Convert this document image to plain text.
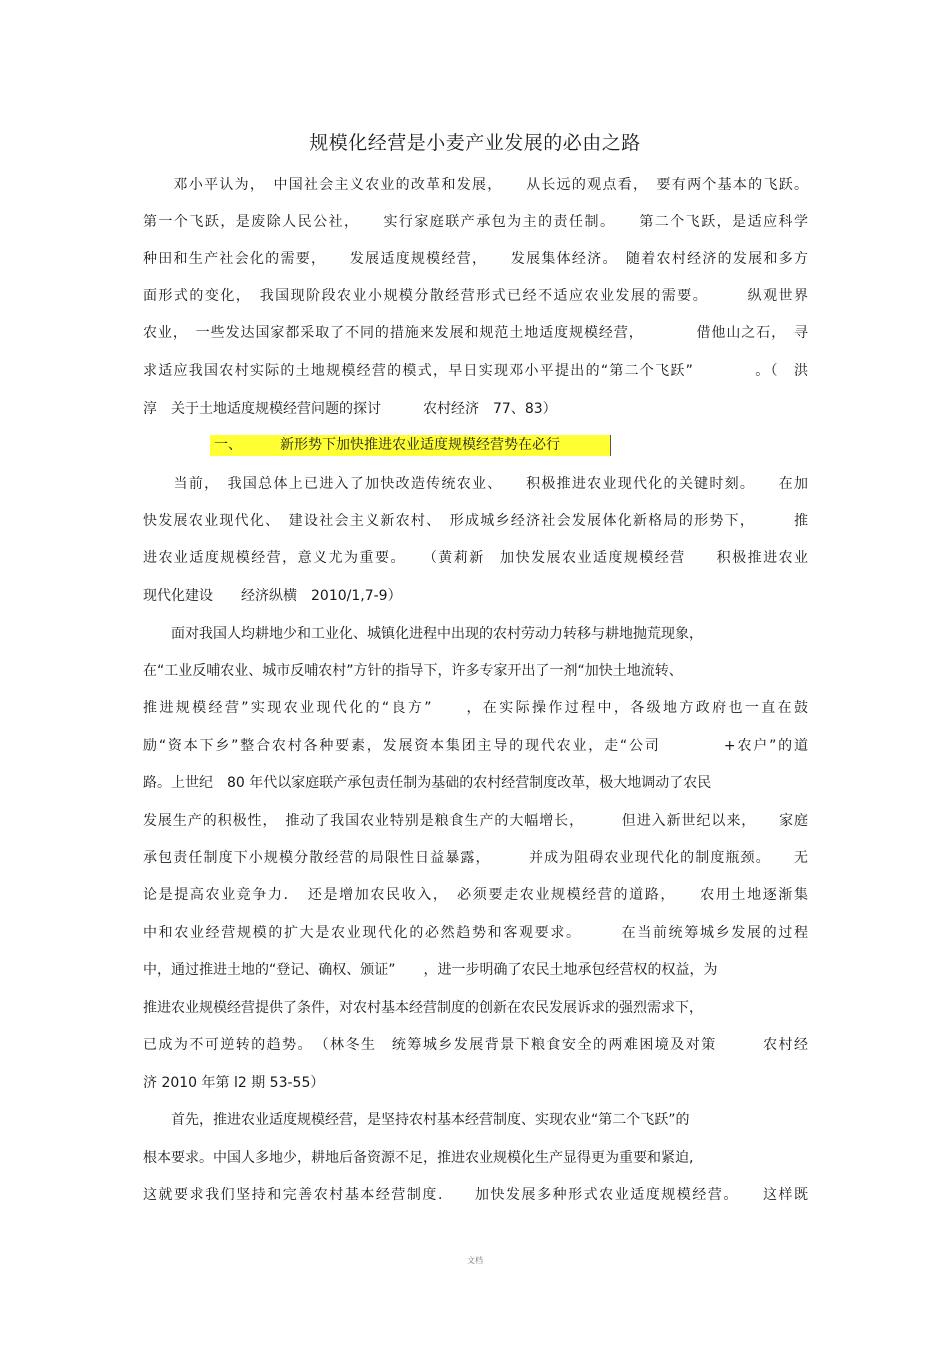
规模化经营是小麦产业发展的必由之路
　　邓小平认为，　中国社会主义农业的改革和发展，　　从长远的观点看，　要有两个基本的飞跃。
第一个飞跃，是废除人民公社，　　实行家庭联产承包为主的责任制。　　第二个飞跃，是适应科学
种田和生产社会化的需要，　　发展适度规模经营，　　发展集体经济。　随着农村经济的发展和多方
面形式的变化，　我国现阶段农业小规模分散经营形式已经不适应农业发展的需要。　　　纵观世界
农业，　一些发达国家都采取了不同的措施来发展和规范土地适度规模经营，　　　　借他山之石，　寻
求适应我国农村实际的土地规模经营的模式，早日实现邓小平提出的“第二个飞跃”　　　　。（　洪
淳　关于土地适度规模经营问题的探讨　　　农村经济　77、83）
一、	新形势下加快推进农业适度规模经营势在必行
　　当前，　我国总体上已进入了加快改造传统农业、　　积极推进农业现代化的关键时刻。　　在加
快发展农业现代化、　建设社会主义新农村、　形成城乡经济社会发展体化新格局的形势下，　　　推
进农业适度规模经营，意义尤为重要。　　（黄莉新　加快发展农业适度规模经营　　积极推进农业
现代化建设　　经济纵横　2010/1,7-9）
　　面对我国人均耕地少和工业化、城镇化进程中出现的农村劳动力转移与耕地抛荒现象，
在“工业反哺农业、城市反哺农村”方针的指导下，许多专家开出了一剂“加快土地流转、
推进规模经营”实现农业现代化的“良方”　　，在实际操作过程中，各级地方政府也一直在鼓
励“资本下乡”整合农村各种要素，发展资本集团主导的现代农业，走“公司　　　　+农户”的道
路。上世纪　80 年代以家庭联产承包责任制为基础的农村经营制度改革，极大地调动了农民
发展生产的积极性，　推动了我国农业特别是粮食生产的大幅增长，　　　但进入新世纪以来，　　家庭
承包责任制度下小规模分散经营的局限性日益暴露，　　　并成为阻碍农业现代化的制度瓶颈。　　无
论是提高农业竞争力．　还是增加农民收入，　必须要走农业规模经营的道路，　　农用土地逐渐集
中和农业经营规模的扩大是农业现代化的必然趋势和客观要求。　　　在当前统筹城乡发展的过程
中，通过推进土地的“登记、确权、颁证”　　，进一步明确了农民土地承包经营权的权益，为
推进农业规模经营提供了条件，对农村基本经营制度的创新在农民发展诉求的强烈需求下，
已成为不可逆转的趋势。　（林冬生　统筹城乡发展背景下粮食安全的两难困境及对策　　　农村经
济 2010 年第 l2 期 53-55）
　　首先，推进农业适度规模经营，是坚持农村基本经营制度、实现农业“第二个飞跃”的
根本要求。中国人多地少，耕地后备资源不足，推进农业规模化生产显得更为重要和紧迫,
这就要求我们坚持和完善农村基本经营制度.　　加快发展多种形式农业适度规模经营。　　这样既
文档
